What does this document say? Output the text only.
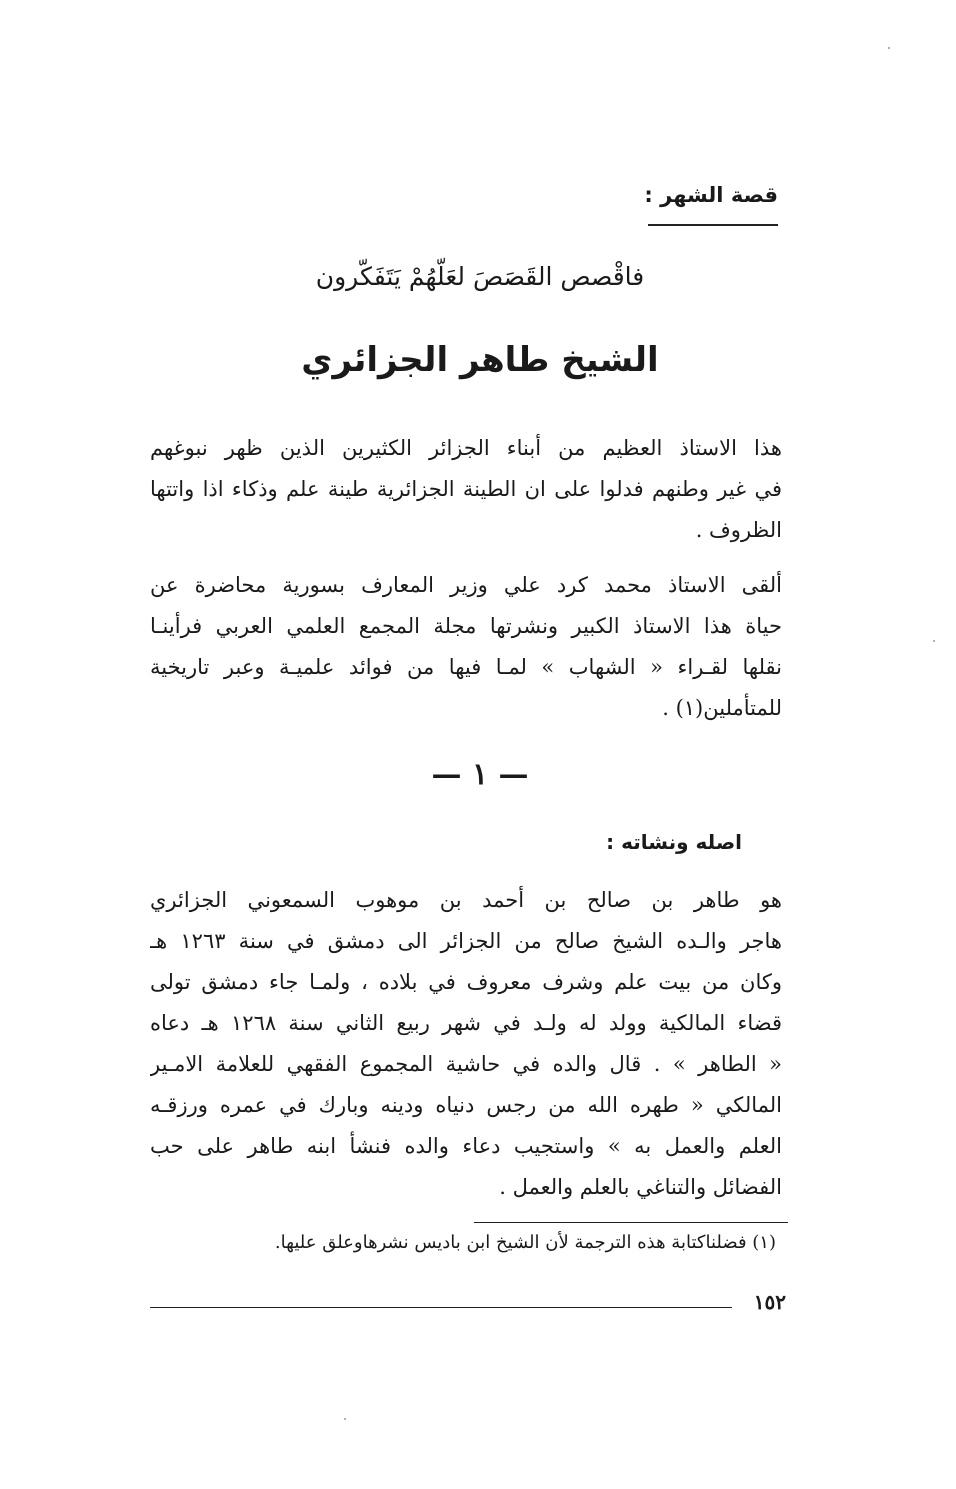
قصة الشهر :
فاقْصص القَصَصَ لعَلّهُمْ يَتَفَكّرون
الشيخ طاهر الجزائري
هذا الاستاذ العظيم من أبناء الجزائر الكثيرين الذين ظهر نبوغهم
في غير وطنهم فدلوا على ان الطينة الجزائرية طينة علم وذكاء اذا واتتها
الظروف .
ألقى الاستاذ محمد كرد علي وزير المعارف بسورية محاضرة عن
حياة هذا الاستاذ الكبير ونشرتها مجلة المجمع العلمي العربي فرأينـا
نقلها لقـراء « الشهاب » لمـا فيها من فوائد علميـة وعبر تاريخية
للمتأملين(١) .
— ١ —
اصله ونشاته :
هو طاهر بن صالح بن أحمد بن موهوب السمعوني الجزائري
هاجر والـده الشيخ صالح من الجزائر الى دمشق في سنة ١٢٦٣ هـ
وكان من بيت علم وشرف معروف في بلاده ، ولمـا جاء دمشق تولى
قضاء المالكية وولد له ولـد في شهر ربيع الثاني سنة ١٢٦٨ هـ دعاه
« الطاهر » . قال والده في حاشية المجموع الفقهي للعلامة الامـير
المالكي « طهره الله من رجس دنياه ودينه وبارك في عمره ورزقـه
العلم والعمل به » واستجيب دعاء والده فنشأ ابنه طاهر على حب
الفضائل والتناغي بالعلم والعمل .
(١) فضلناكتابة هذه الترجمة لأن الشيخ ابن باديس نشرهاوعلق عليها.
١٥٢
